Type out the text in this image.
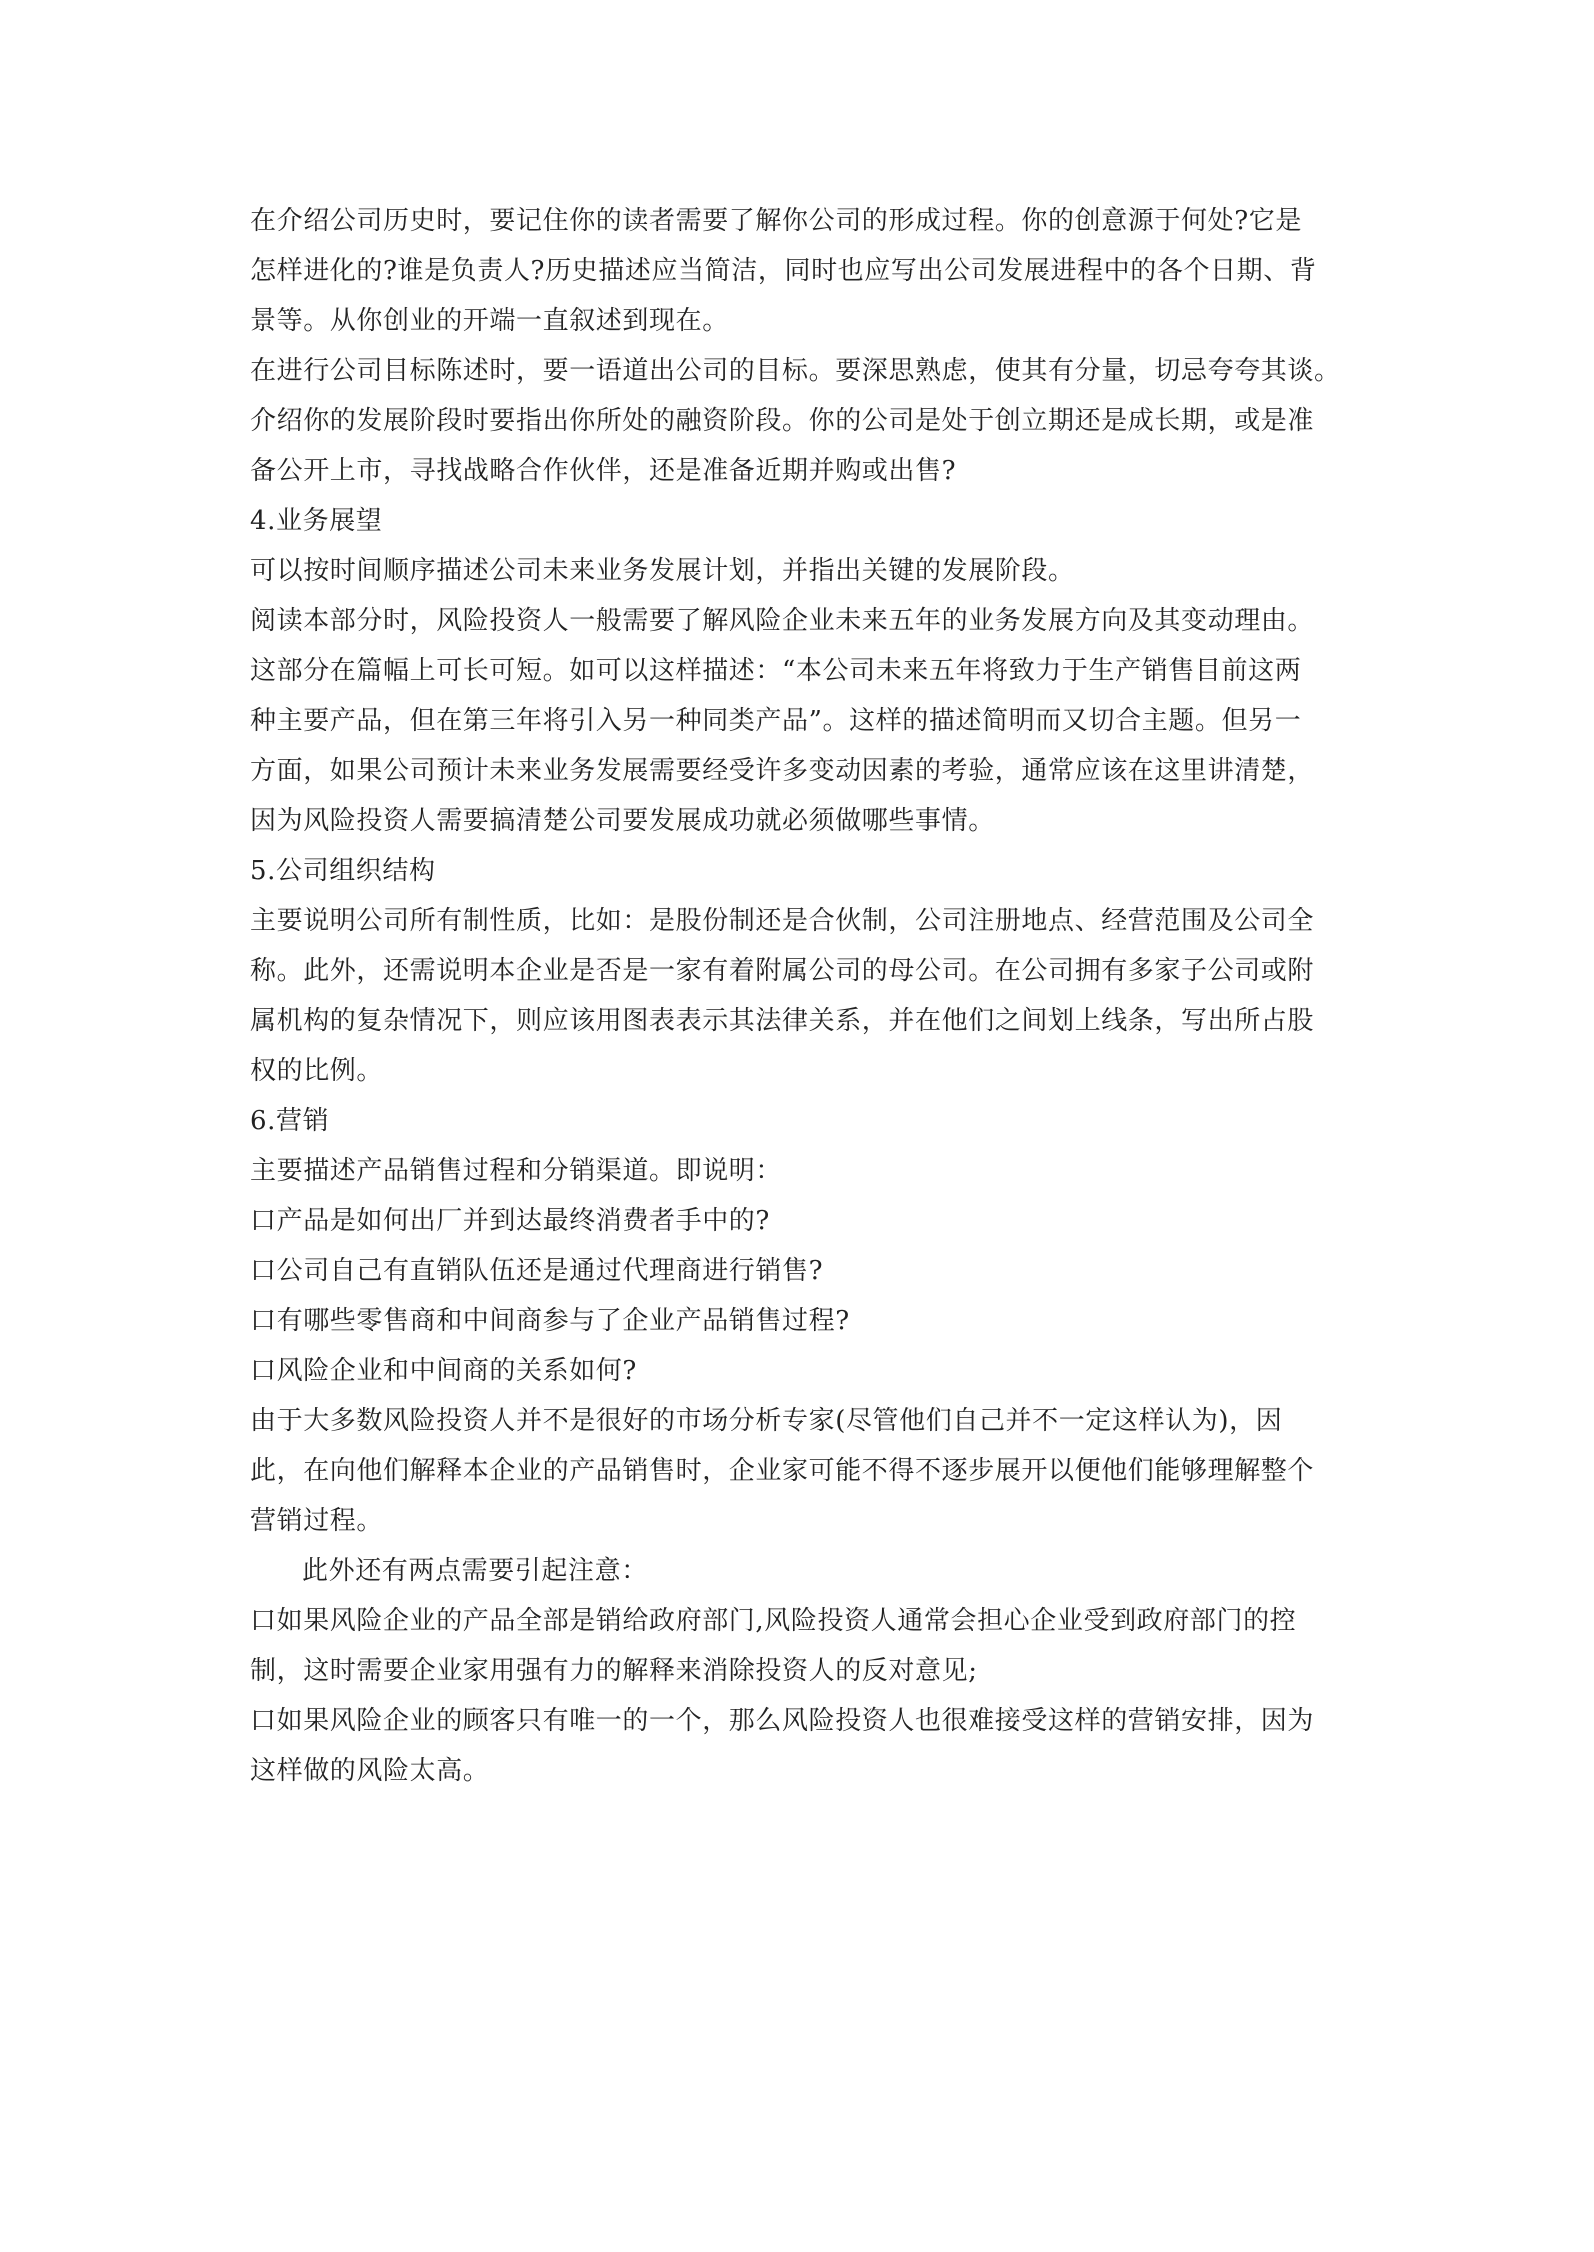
在介绍公司历史时，要记住你的读者需要了解你公司的形成过程。你的创意源于何处?它是
怎样进化的?谁是负责人?历史描述应当简洁，同时也应写出公司发展进程中的各个日期、背
景等。从你创业的开端一直叙述到现在。
在进行公司目标陈述时，要一语道出公司的目标。要深思熟虑，使其有分量，切忌夸夸其谈。
介绍你的发展阶段时要指出你所处的融资阶段。你的公司是处于创立期还是成长期，或是准
备公开上市，寻找战略合作伙伴，还是准备近期并购或出售?
4.业务展望
可以按时间顺序描述公司未来业务发展计划，并指出关键的发展阶段。
阅读本部分时，风险投资人一般需要了解风险企业未来五年的业务发展方向及其变动理由。
这部分在篇幅上可长可短。如可以这样描述：“本公司未来五年将致力于生产销售目前这两
种主要产品，但在第三年将引入另一种同类产品”。这样的描述简明而又切合主题。但另一
方面，如果公司预计未来业务发展需要经受许多变动因素的考验，通常应该在这里讲清楚，
因为风险投资人需要搞清楚公司要发展成功就必须做哪些事情。
5.公司组织结构
主要说明公司所有制性质，比如：是股份制还是合伙制，公司注册地点、经营范围及公司全
称。此外，还需说明本企业是否是一家有着附属公司的母公司。在公司拥有多家子公司或附
属机构的复杂情况下，则应该用图表表示其法律关系，并在他们之间划上线条，写出所占股
权的比例。
6.营销
主要描述产品销售过程和分销渠道。即说明：
口产品是如何出厂并到达最终消费者手中的?
口公司自己有直销队伍还是通过代理商进行销售?
口有哪些零售商和中间商参与了企业产品销售过程?
口风险企业和中间商的关系如何?
由于大多数风险投资人并不是很好的市场分析专家(尽管他们自己并不一定这样认为)，因
此，在向他们解释本企业的产品销售时，企业家可能不得不逐步展开以便他们能够理解整个
营销过程。
此外还有两点需要引起注意：
口如果风险企业的产品全部是销给政府部门,风险投资人通常会担心企业受到政府部门的控
制，这时需要企业家用强有力的解释来消除投资人的反对意见;
口如果风险企业的顾客只有唯一的一个，那么风险投资人也很难接受这样的营销安排，因为
这样做的风险太高。
